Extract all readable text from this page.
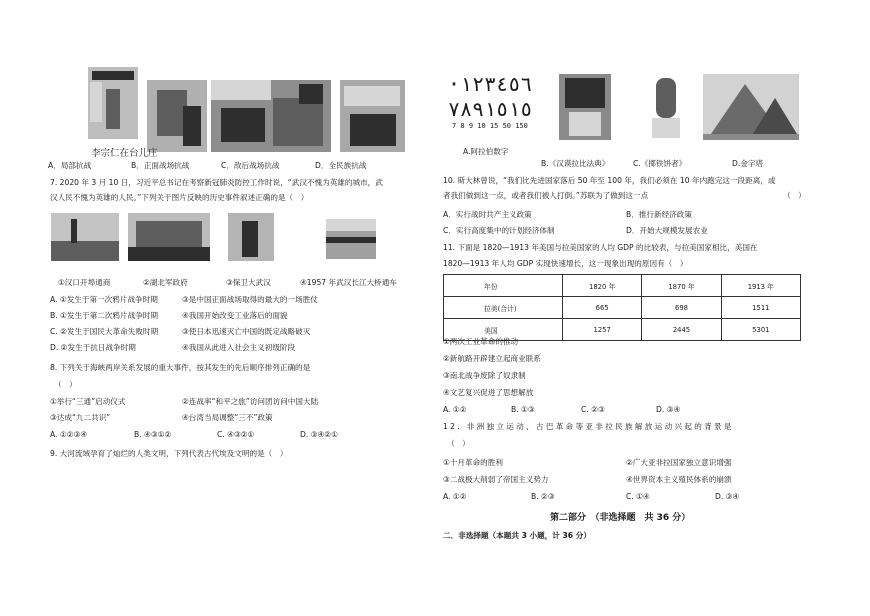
李宗仁在台儿庄
A．局部抗战	B．正面战场抗战	C．敌后战场抗战	D．全民族抗战
7. 2020 年 3 月 10 日，习近平总书记在考察新冠肺炎防控工作时说，“武汉不愧为英雄的城市，武
汉人民不愧为英雄的人民。”下列关于图片反映的历史事件叙述正确的是（　）
①汉口开埠通商	②湖北军政府	③保卫大武汉	④1957 年武汉长江大桥通车
A. ①发生于第一次鸦片战争时期	③是中国正面战场取得的最大的一场胜仗
B. ①发生于第二次鸦片战争时期	④我国开始改变工业落后的面貌
C. ②发生于国民大革命失败时期	③使日本迅速灭亡中国的既定战略破灭
D. ②发生于抗日战争时期	④我国从此进入社会主义初级阶段
8. 下列关于海峡两岸关系发展的重大事件，按其发生的先后顺序排列正确的是
（　）
①举行“三通”启动仪式	②连战率“和平之旅”访问团访问中国大陆
③达成“九二共识”	④台湾当局调整“三不”政策
A. ①②③④	B. ④③①②	C. ④③②①	D. ③④②①
9. 大河流域孕育了灿烂的人类文明，下列代表古代埃及文明的是（　）
·١٢٣٤٥٦
٧٨٩١٥١٥
7 8 9 10 15 50 150
A.阿拉伯数字
B.《汉谟拉比法典》	C.《掷铁饼者》	D.金字塔
10. 斯大林曾说，“我们比先进国家落后 50 年至 100 年，我们必须在 10 年内跑完这一段距离，或
者我们做到这一点，或者我们被人打倒。”苏联为了做到这一点	（　）
A．实行战时共产主义政策	B．推行新经济政策
C．实行高度集中的计划经济体制	D．开始大规模发展农业
11. 下面是 1820—1913 年美国与拉美国家的人均 GDP 的比较表，与拉美国家相比，美国在
1820—1913 年人均 GDP 实现快速增长，这一现象出现的原因有（　）
年份	1820 年	1870 年	1913 年
拉美(合计)	665	698	1511
美国	1257	2445	5301
①两次工业革命的推动
②新航路开辟建立起商业联系
③南北战争废除了奴隶制
④文艺复兴促进了思想解放
A. ①②	B. ①③	C. ②③	D. ③④
12. 非洲独立运动、古巴革命等亚非拉民族解放运动兴起的背景是
（　）
①十月革命的胜利	②广大亚非拉国家独立意识增强
③二战极大削弱了帝国主义势力	④世界资本主义殖民体系的崩溃
A. ①②	B. ②③	C. ①④	D. ③④
第二部分　（非选择题　共 36 分）
二．非选择题（本题共 3 小题，计 36 分）
